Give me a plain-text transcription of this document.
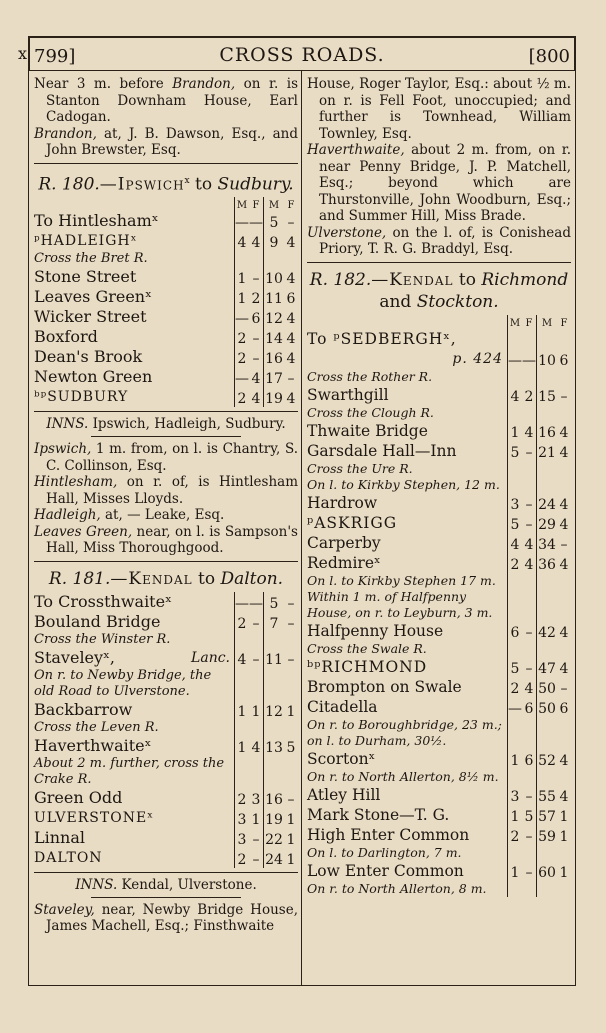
x 799]	CROSS ROADS.	[800

Near 3 m. before Brandon, on r. is Stanton Downham House, Earl Cadogan.

Brandon, at, J. B. Dawson, Esq., and John Brewster, Esq.

R. 180.—Ipswich$^x$ to Sudbury.
	M	F	M	F
To Hintleshamˣ	—	—	5	–
ᵖHADLEIGHˣ	4	4	9	4
Cross the Bret R.				
Stone Street	1	–	10	4
Leaves Greenˣ	1	2	11	6
Wicker Street	—	6	12	4
Boxford	2	–	14	4
Dean's Brook	2	–	16	4
Newton Green	—	4	17	–
ᵇᵖSUDBURY	2	4	19	4
INNS. Ipswich, Hadleigh, Sudbury.

Ipswich, 1 m. from, on l. is Chantry, S. C. Collinson, Esq.

Hintlesham, on r. of, is Hintlesham Hall, Misses Lloyds.

Hadleigh, at, — Leake, Esq.

Leaves Green, near, on l. is Sampson's Hall, Miss Thoroughgood.

R. 181.—Kendal to Dalton.
To Crossthwaiteˣ	—	—	5	–
Bouland Bridge	2	–	7	–
Cross the Winster R.				
Staveleyˣ, Lanc.	4	–	11	–
On r. to Newby Bridge, the old Road to Ulverstone.				
Backbarrow	1	1	12	1
Cross the Leven R.				
Haverthwaiteˣ	1	4	13	5
About 2 m. further, cross the Crake R.				
Green Odd	2	3	16	–
ULVERSTONEˣ	3	1	19	1
Linnal	3	–	22	1
DALTON	2	–	24	1
INNS. Kendal, Ulverstone.

Staveley, near, Newby Bridge House, James Machell, Esq.; Finsthwaite

House, Roger Taylor, Esq.: about ½ m. on r. is Fell Foot, unoccupied; and further is Townhead, William Townley, Esq.

Haverthwaite, about 2 m. from, on r. near Penny Bridge, J. P. Matchell, Esq.; beyond which are Thurstonville, John Woodburn, Esq.; and Summer Hill, Miss Brade.

Ulverstone, on the l. of, is Conishead Priory, T. R. G. Braddyl, Esq.

R. 182.—Kendal to Richmond
and Stockton.
	M	F	M	F
To ᵖSEDBERGHˣ,
p. 424	—	—	10	6
Cross the Rother R.				
Swarthgill	4	2	15	–
Cross the Clough R.				
Thwaite Bridge	1	4	16	4
Garsdale Hall—Inn	5	–	21	4
Cross the Ure R.				
On l. to Kirkby Stephen, 12 m.				
Hardrow	3	–	24	4
ᵖASKRIGG	5	–	29	4
Carperby	4	4	34	–
Redmireˣ	2	4	36	4
On l. to Kirkby Stephen 17 m.				
Within 1 m. of Halfpenny House, on r. to Leyburn, 3 m.				
Halfpenny House	6	–	42	4
Cross the Swale R.				
ᵇᵖRICHMOND	5	–	47	4
Brompton on Swale	2	4	50	–
Citadella	—	6	50	6
On r. to Boroughbridge, 23 m.; on l. to Durham, 30½.				
Scortonˣ	1	6	52	4
On r. to North Allerton, 8½ m.				
Atley Hill	3	–	55	4
Mark Stone—T. G.	1	5	57	1
High Enter Common	2	–	59	1
On l. to Darlington, 7 m.				
Low Enter Common	1	–	60	1
On r. to North Allerton, 8 m.				
